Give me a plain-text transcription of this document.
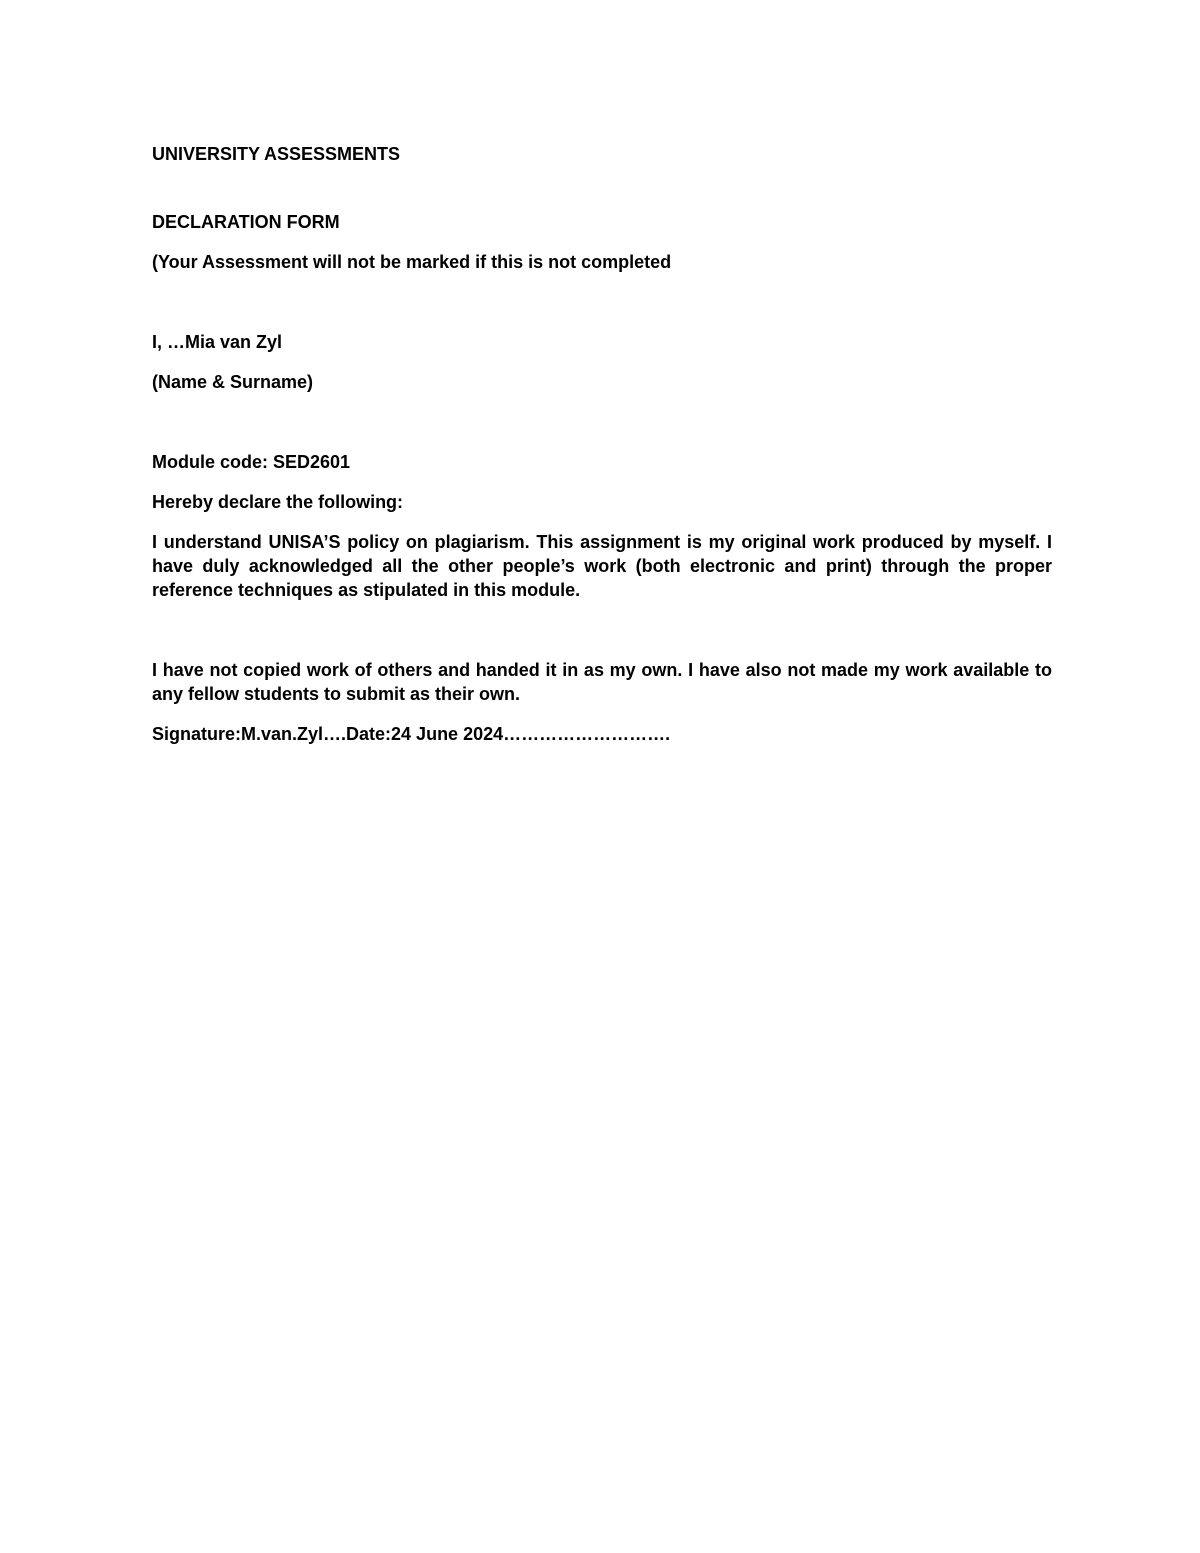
UNIVERSITY ASSESSMENTS

DECLARATION FORM

(Your Assessment will not be marked if this is not completed

I, …Mia van Zyl

(Name & Surname)

Module code: SED2601

Hereby declare the following:

I understand UNISA’S policy on plagiarism. This assignment is my original work produced by myself. I have duly acknowledged all the other people’s work (both electronic and print) through the proper reference techniques as stipulated in this module.

I have not copied work of others and handed it in as my own. I have also not made my work available to any fellow students to submit as their own.

Signature:M.van.Zyl….Date:24 June 2024……………………….
